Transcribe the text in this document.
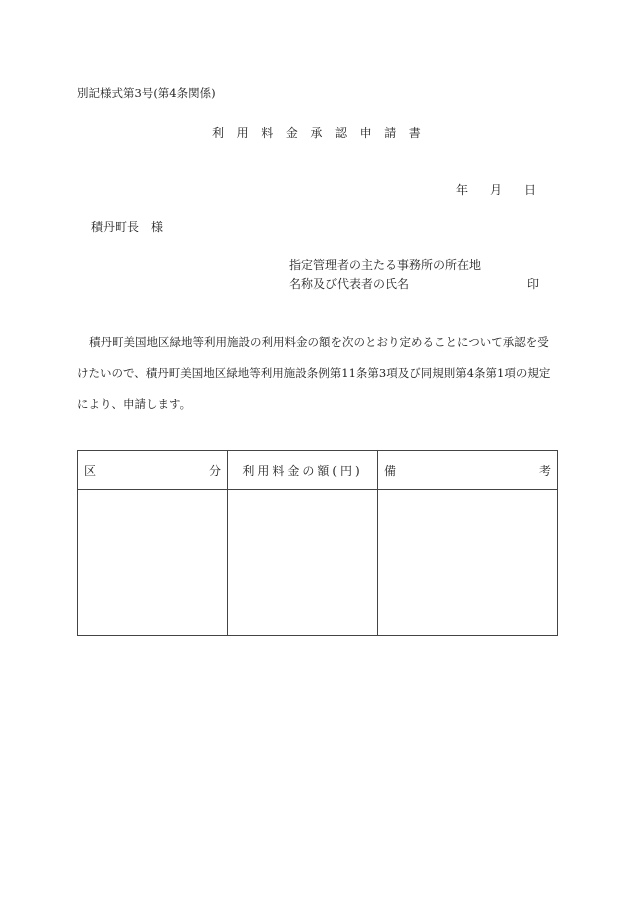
別記様式第3号(第4条関係)
利用料金承認申請書
年 月 日
積丹町長 様
指定管理者の主たる事務所の所在地
名称及び代表者の氏名	印
積丹町美国地区緑地等利用施設の利用料金の額を次のとおり定めることについて承認を受けたいので、積丹町美国地区緑地等利用施設条例第11条第3項及び同規則第4条第1項の規定により、申請します。
区 分	利用料金の額(円)	備 考
